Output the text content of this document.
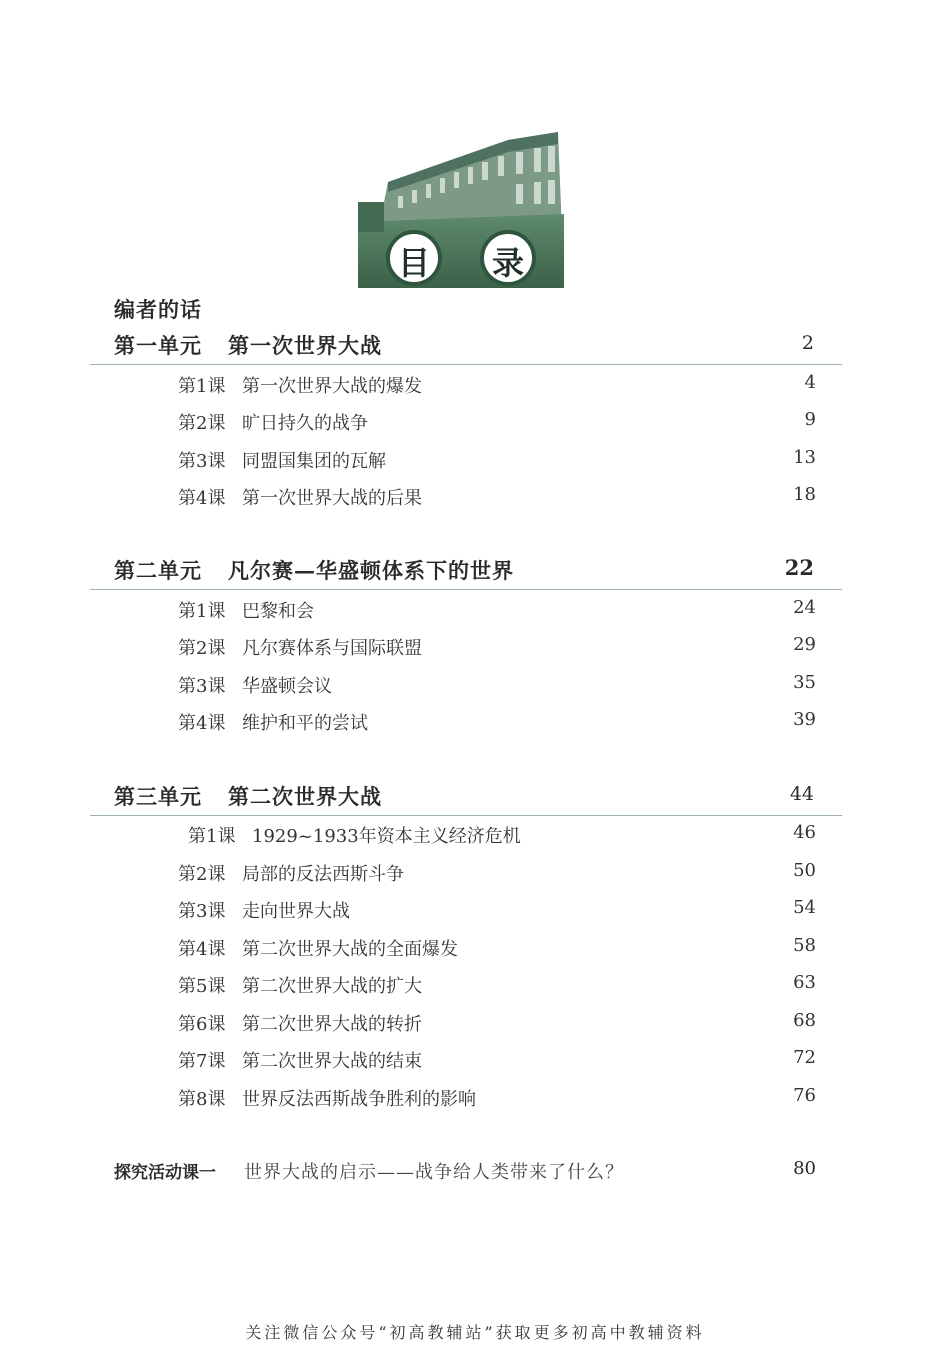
目 录
编者的话
第一单元 第一次世界大战	2
第1课 第一次世界大战的爆发	4
第2课 旷日持久的战争	9
第3课 同盟国集团的瓦解	13
第4课 第一次世界大战的后果	18
第二单元 凡尔赛—华盛顿体系下的世界	22
第1课 巴黎和会	24
第2课 凡尔赛体系与国际联盟	29
第3课 华盛顿会议	35
第4课 维护和平的尝试	39
第三单元 第二次世界大战	44
第1课 1929~1933年资本主义经济危机	46
第2课 局部的反法西斯斗争	50
第3课 走向世界大战	54
第4课 第二次世界大战的全面爆发	58
第5课 第二次世界大战的扩大	63
第6课 第二次世界大战的转折	68
第7课 第二次世界大战的结束	72
第8课 世界反法西斯战争胜利的影响	76
探究活动课一 世界大战的启示——战争给人类带来了什么？	80
关注微信公众号“初高教辅站”获取更多初高中教辅资料
